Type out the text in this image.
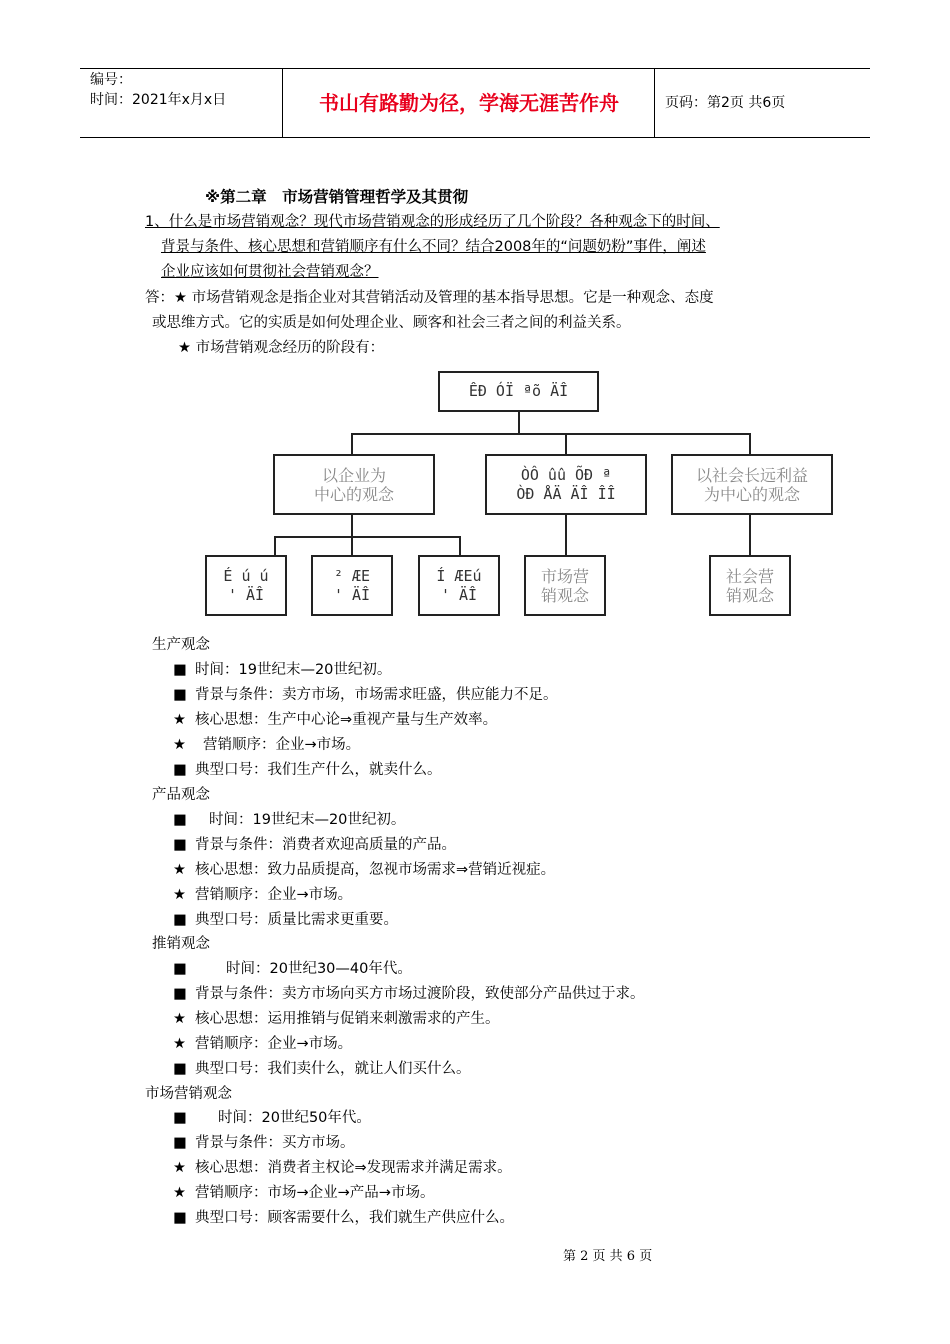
编号：
时间：2021年x月x日	书山有路勤为径，学海无涯苦作舟	页码：第2页 共6页
※第二章　市场营销管理哲学及其贯彻
1、什么是市场营销观念？现代市场营销观念的形成经历了几个阶段？各种观念下的时间、
背景与条件、核心思想和营销顺序有什么不同？结合2008年的“问题奶粉”事件，阐述
企业应该如何贯彻社会营销观念？
答：★ 市场营销观念是指企业对其营销活动及管理的基本指导思想。它是一种观念、态度
或思维方式。它的实质是如何处理企业、顾客和社会三者之间的利益关系。
★ 市场营销观念经历的阶段有：
ÊÐ ÓÏ ªõ ÄÎ
以企业为
中心的观念
ÒÔ ûû ÕÐ ª
ÒÐ ÅÄ ÄÎ ÎÎ
以社会长远利益
为中心的观念
É ú ú
' ÄÎ
² ÆE
' ÄÎ
Í ÆEú
' ÄÎ
市场营
销观念
社会营
销观念
生产观念
■ 时间：19世纪末—20世纪初。
■ 背景与条件：卖方市场，市场需求旺盛，供应能力不足。
★ 核心思想：生产中心论⇒重视产量与生产效率。
★ 营销顺序：企业→市场。
■ 典型口号：我们生产什么，就卖什么。
产品观念
■ 时间：19世纪末—20世纪初。
■ 背景与条件：消费者欢迎高质量的产品。
★ 核心思想：致力品质提高，忽视市场需求⇒营销近视症。
★ 营销顺序：企业→市场。
■ 典型口号：质量比需求更重要。
推销观念
■	时间：20世纪30—40年代。
■ 背景与条件：卖方市场向买方市场过渡阶段，致使部分产品供过于求。
★ 核心思想：运用推销与促销来刺激需求的产生。
★ 营销顺序：企业→市场。
■ 典型口号：我们卖什么，就让人们买什么。
市场营销观念
■ 时间：20世纪50年代。
■ 背景与条件：买方市场。
★ 核心思想：消费者主权论⇒发现需求并满足需求。
★ 营销顺序：市场→企业→产品→市场。
■ 典型口号：顾客需要什么，我们就生产供应什么。
第 2 页 共 6 页
